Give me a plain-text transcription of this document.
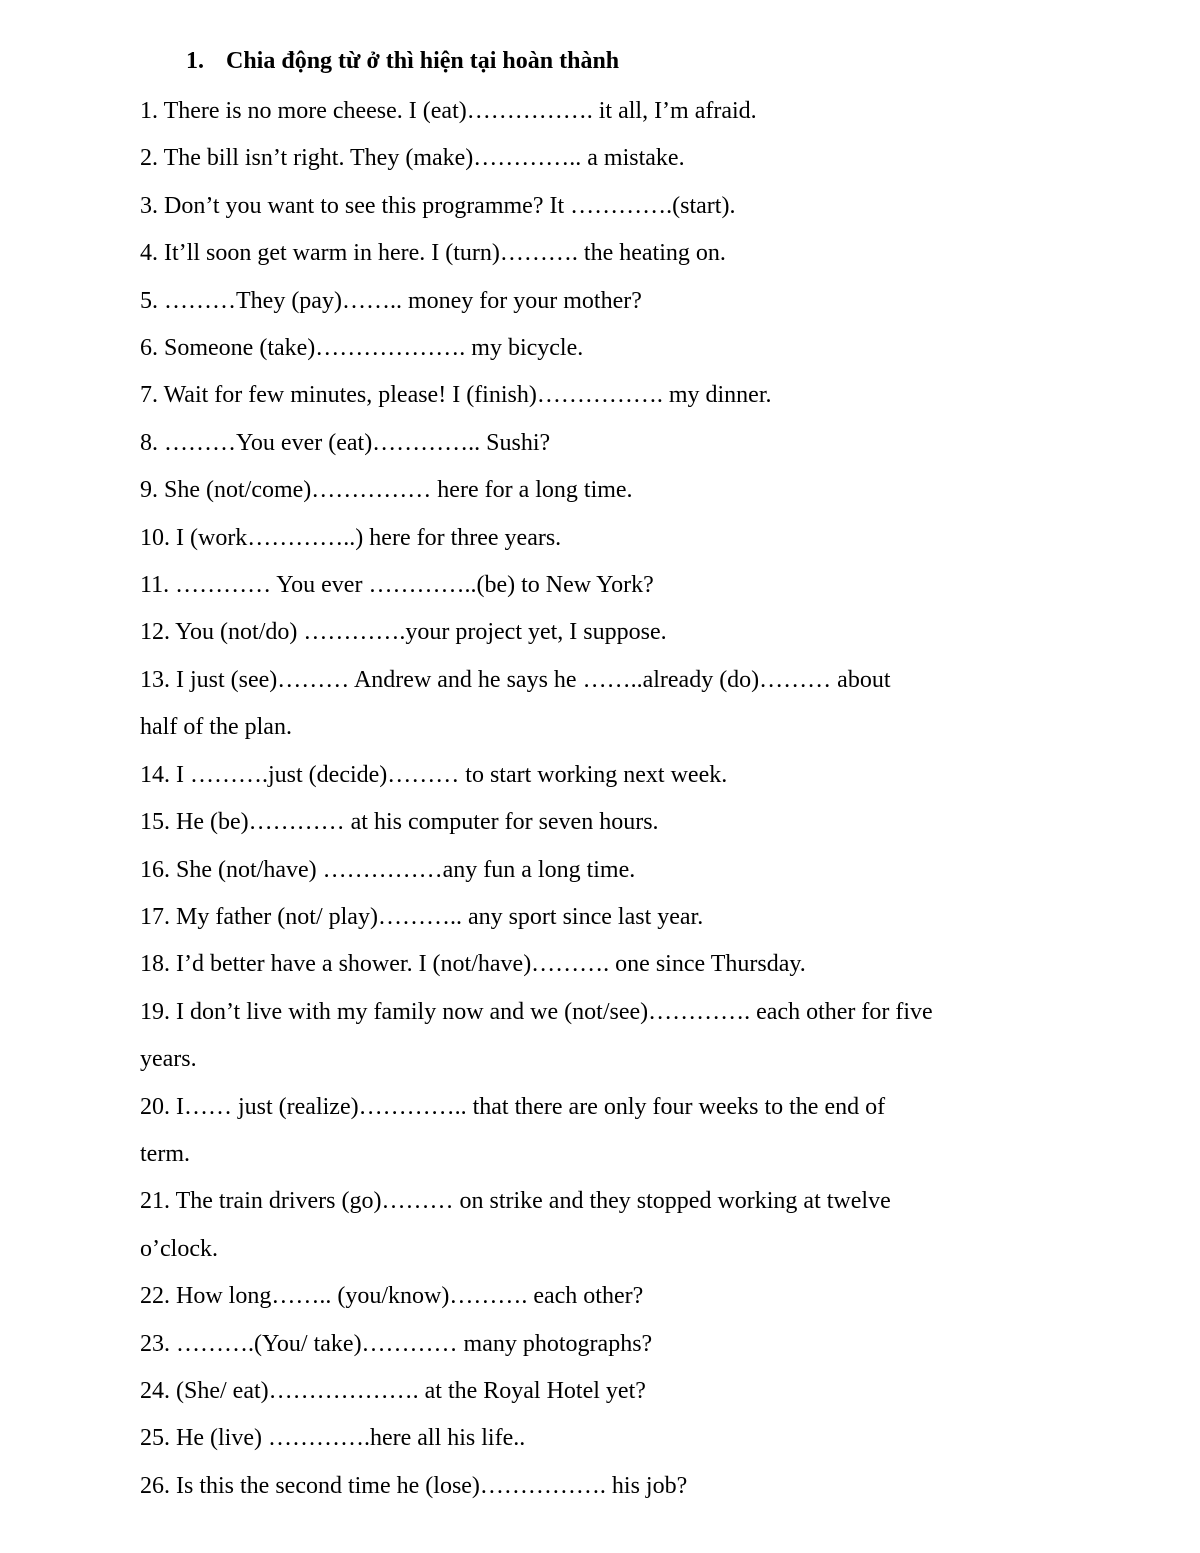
1. Chia động từ ở thì hiện tại hoàn thành
1. There is no more cheese. I (eat)……………. it all, I’m afraid.
2. The bill isn’t right. They (make)………….. a mistake.
3. Don’t you want to see this programme? It ………….(start).
4. It’ll soon get warm in here. I (turn)………. the heating on.
5. ………They (pay)…….. money for your mother?
6. Someone (take)………………. my bicycle.
7. Wait for few minutes, please! I (finish)……………. my dinner.
8. ………You ever (eat)………….. Sushi?
9. She (not/come)…………… here for a long time.
10. I (work…………..) here for three years.
11. ………… You ever …………..(be) to New York?
12. You (not/do) ………….your project yet, I suppose.
13. I just (see)……… Andrew and he says he ……..already (do)……… about
half of the plan.
14. I ……….just (decide)……… to start working next week.
15. He (be)………… at his computer for seven hours.
16. She (not/have) ……………any fun a long time.
17. My father (not/ play)……….. any sport since last year.
18. I’d better have a shower. I (not/have)………. one since Thursday.
19. I don’t live with my family now and we (not/see)…………. each other for five
years.
20. I…… just (realize)………….. that there are only four weeks to the end of
term.
21. The train drivers (go)……… on strike and they stopped working at twelve
o’clock.
22. How long…….. (you/know)………. each other?
23. ……….(You/ take)………… many photographs?
24. (She/ eat)………………. at the Royal Hotel yet?
25. He (live) ………….here all his life..
26. Is this the second time he (lose)……………. his job?
